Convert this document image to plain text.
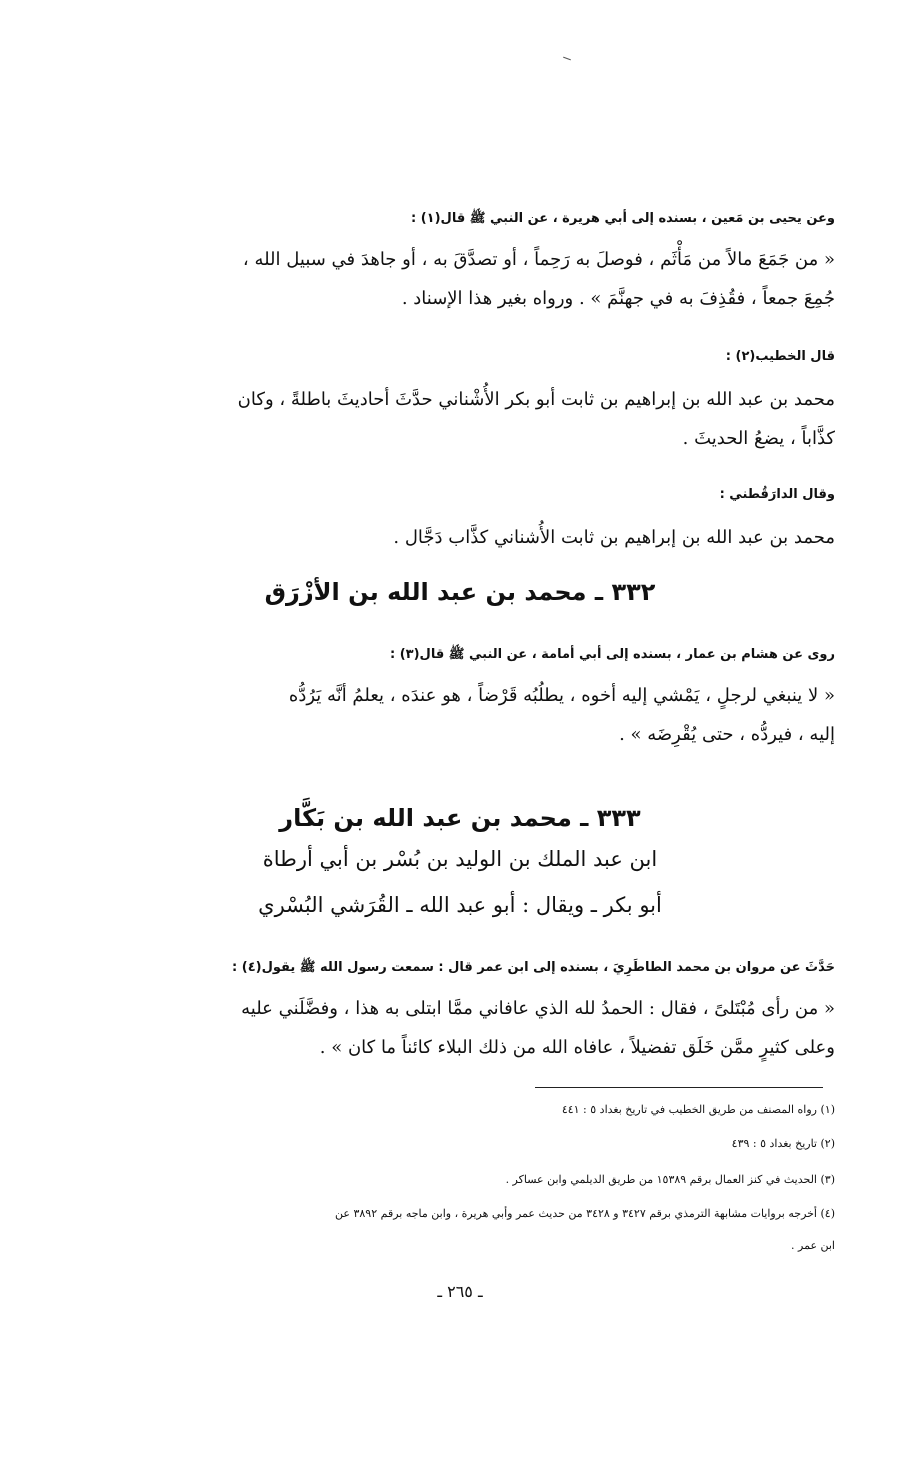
وعن يحيى بن مَعين ، بسنده إلى أبي هريرة ، عن النبي ﷺ قال(١) :

« من جَمَعَ مالاً من مَأْثَم ، فوصلَ به رَحِماً ، أو تصدَّقَ به ، أو جاهدَ في سبيل الله ،

جُمِعَ جمعاً ، فقُذِفَ به في جهنَّمَ » . ورواه بغير هذا الإسناد .

قال الخطيب(٢) :

محمد بن عبد الله بن إبراهيم بن ثابت أبو بكر الأُشْناني حدَّثَ أحاديثَ باطلةً ، وكان

كذَّاباً ، يضعُ الحديثَ .

وقال الدارَقُطني :

محمد بن عبد الله بن إبراهيم بن ثابت الأُشناني كذَّاب دَجَّال .

٣٣٢ ـ محمد بن عبد الله بن الأزْرَق

روى عن هشام بن عمار ، بسنده إلى أبي أمامة ، عن النبي ﷺ قال(٣) :

« لا ينبغي لرجلٍ ، يَمْشي إليه أخوه ، يطلُبُه قَرْضاً ، هو عندَه ، يعلمُ أنَّه يَرُدُّه

إليه ، فيردُّه ، حتى يُقْرِضَه » .

٣٣٣ ـ محمد بن عبد الله بن بَكَّار

ابن عبد الملك بن الوليد بن بُسْر بن أبي أرطاة

أبو بكر ـ ويقال : أبو عبد الله ـ القُرَشي البُسْري

حَدَّثَ عن مروان بن محمد الطاطَرِيَ ، بسنده إلى ابن عمر قال : سمعت رسول الله ﷺ يقول(٤) :

« من رأى مُبْتَلىً ، فقال : الحمدُ لله الذي عافاني ممَّا ابتلى به هذا ، وفضَّلَني عليه

وعلى كثيرٍ ممَّن خَلَق تفضيلاً ، عافاه الله من ذلك البلاء كائناً ما كان » .

(١) رواه المصنف من طريق الخطيب في تاريخ بغداد ٥ : ٤٤١

(٢) تاريخ بغداد ٥ : ٤٣٩

(٣) الحديث في كنز العمال برقم ١٥٣٨٩ من طريق الديلمي وابن عساكر .

(٤) أخرجه بروايات مشابهة الترمذي برقم ٣٤٢٧ و ٣٤٢٨ من حديث عمر وأبي هريرة ، وابن ماجه برقم ٣٨٩٢ عن

ابن عمر .

ـ ٢٦٥ ـ
